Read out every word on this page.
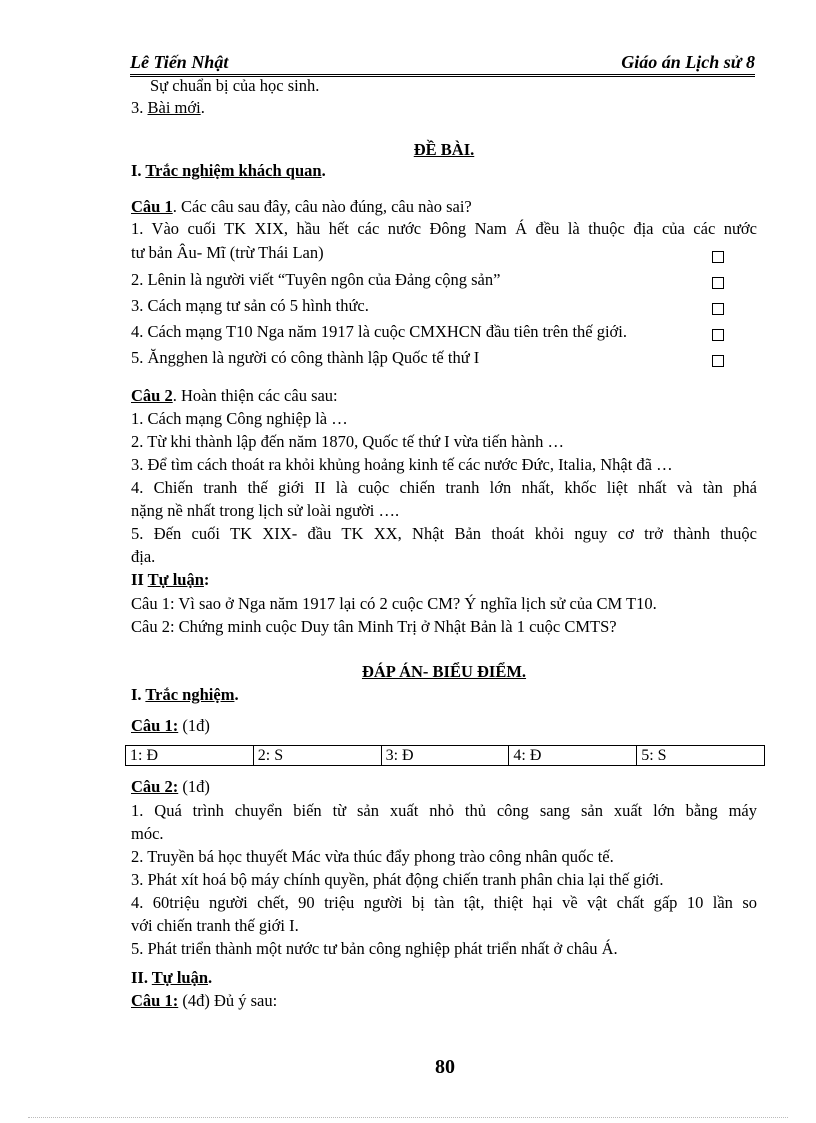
Lê Tiến Nhật	Giáo án Lịch sử 8
Sự chuẩn bị của học sinh.
3. Bài mới.
ĐỀ BÀI.
I. Trắc nghiệm khách quan.
Câu 1. Các câu sau đây, câu nào đúng, câu nào sai?
1. Vào cuối TK XIX, hầu hết các nước Đông Nam Á đều là thuộc địa của các nước
tư bản Âu- Mĩ (trừ Thái Lan)
2. Lênin là người viết “Tuyên ngôn của Đảng cộng sản”
3. Cách mạng tư sản có 5 hình thức.
4. Cách mạng T10 Nga năm 1917 là cuộc CMXHCN đầu tiên trên thế giới.
5. Ăngghen là người có công thành lập Quốc tế thứ I
Câu 2. Hoàn thiện các câu sau:
1. Cách mạng Công nghiệp là …
2. Từ khi thành lập đến năm 1870, Quốc tế thứ I vừa tiến hành …
3. Để tìm cách thoát ra khỏi khủng hoảng kinh tế các nước Đức, Italia, Nhật đã …
4. Chiến tranh thế giới II là cuộc chiến tranh lớn nhất, khốc liệt nhất và tàn phá
nặng nề nhất trong lịch sử loài người ….
5. Đến cuối TK XIX- đầu TK XX, Nhật Bản thoát khỏi nguy cơ trở thành thuộc
địa.
II Tự luận:
Câu 1: Vì sao ở Nga năm 1917 lại có 2 cuộc CM? Ý nghĩa lịch sử của CM T10.
Câu 2: Chứng minh cuộc Duy tân Minh Trị ở Nhật Bản là 1 cuộc CMTS?
ĐÁP ÁN- BIỂU ĐIỂM.
I. Trắc nghiệm.
Câu 1: (1đ)
1: Đ	2: S	3: Đ	4: Đ	5: S
Câu 2: (1đ)
1. Quá trình chuyển biến từ sản xuất nhỏ thủ công sang sản xuất lớn bằng máy
móc.
2. Truyền bá học thuyết Mác vừa thúc đẩy phong trào công nhân quốc tế.
3. Phát xít hoá bộ máy chính quyền, phát động chiến tranh phân chia lại thế giới.
4. 60triệu người chết, 90 triệu người bị tàn tật, thiệt hại về vật chất gấp 10 lần so
với chiến tranh thế giới I.
5. Phát triển thành một nước tư bản công nghiệp phát triển nhất ở châu Á.
II. Tự luận.
Câu 1: (4đ) Đủ ý sau:
80
